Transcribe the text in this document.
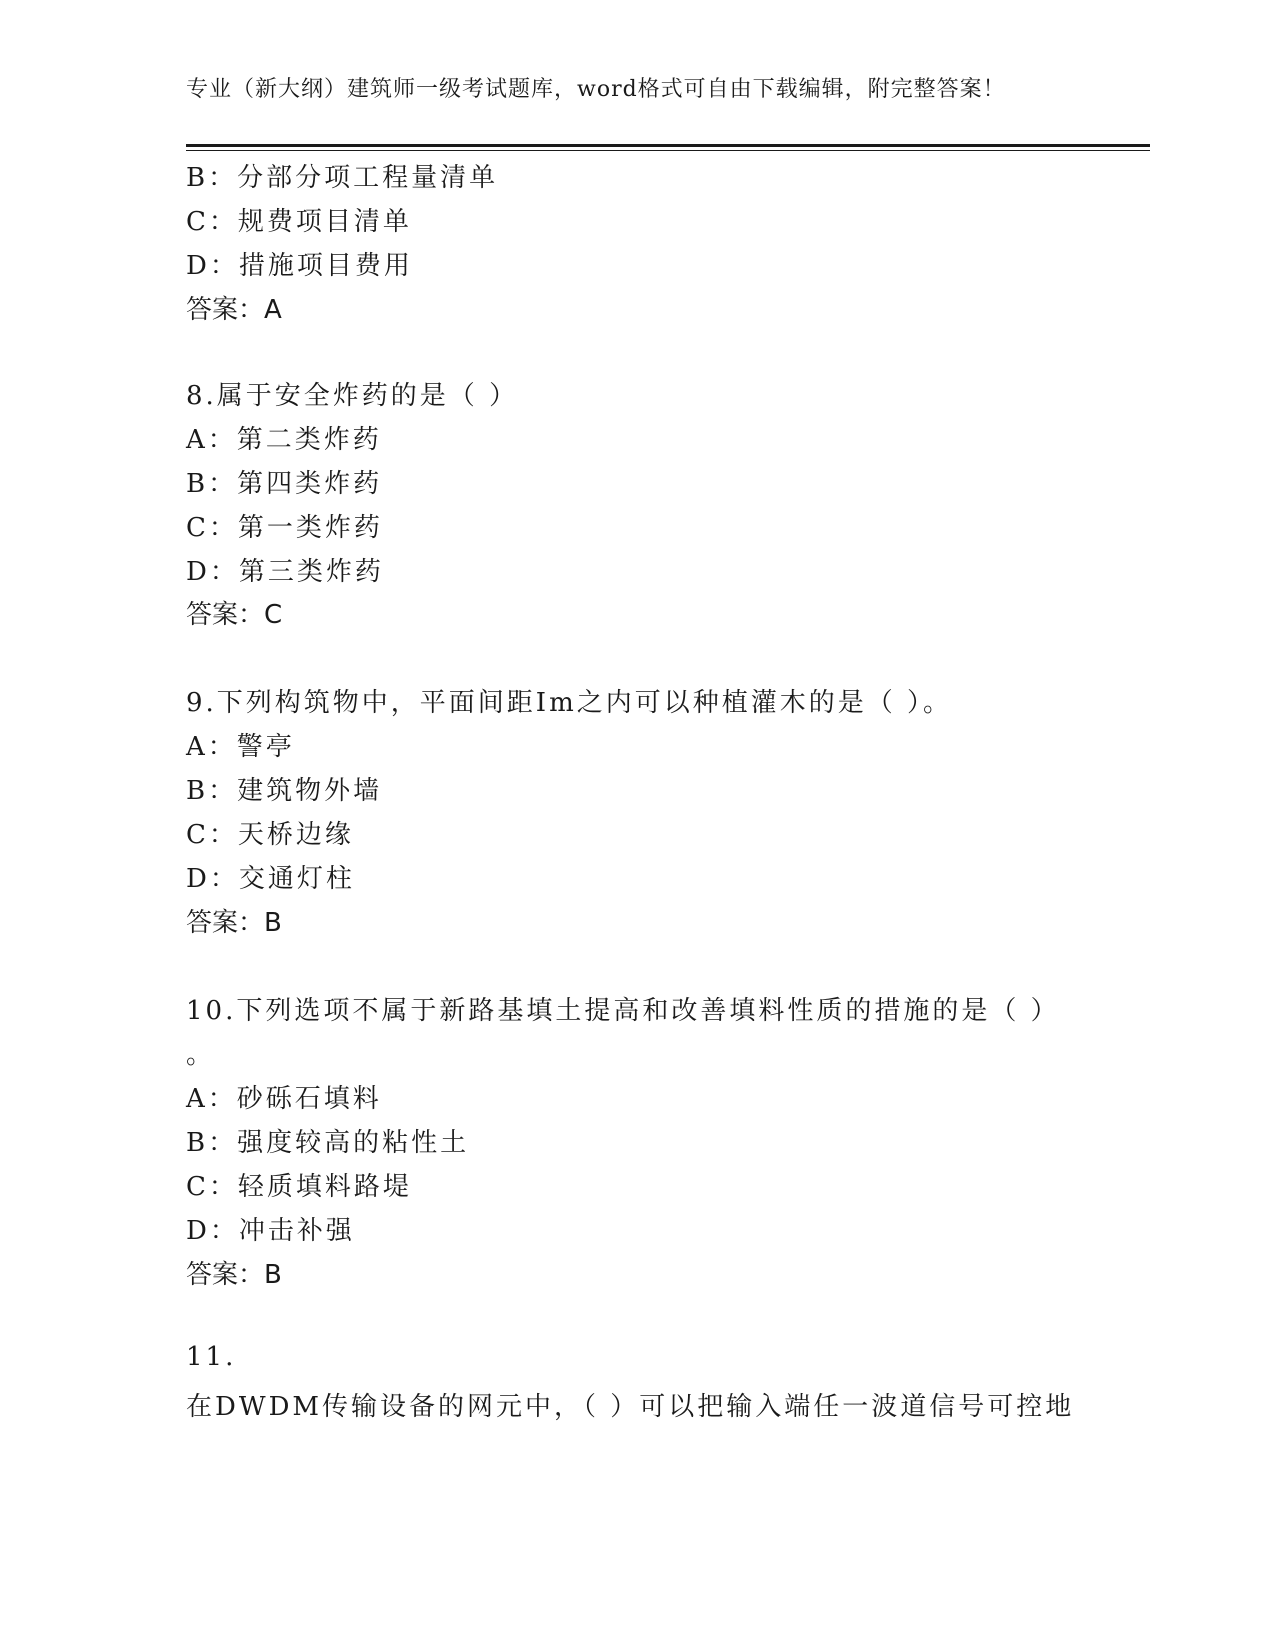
专业（新大纲）建筑师一级考试题库，word格式可自由下载编辑，附完整答案！
B：分部分项工程量清单
C：规费项目清单
D：措施项目费用
答案：A
8.属于安全炸药的是（ ）
A：第二类炸药
B：第四类炸药
C：第一类炸药
D：第三类炸药
答案：C
9.下列构筑物中，平面间距Im之内可以种植灌木的是（ ）。
A：警亭
B：建筑物外墙
C：天桥边缘
D：交通灯柱
答案：B
10.下列选项不属于新路基填土提高和改善填料性质的措施的是（ ）
。
A：砂砾石填料
B：强度较高的粘性土
C：轻质填料路堤
D：冲击补强
答案：B
11.
在DWDM传输设备的网元中，（ ）可以把输入端任一波道信号可控地
